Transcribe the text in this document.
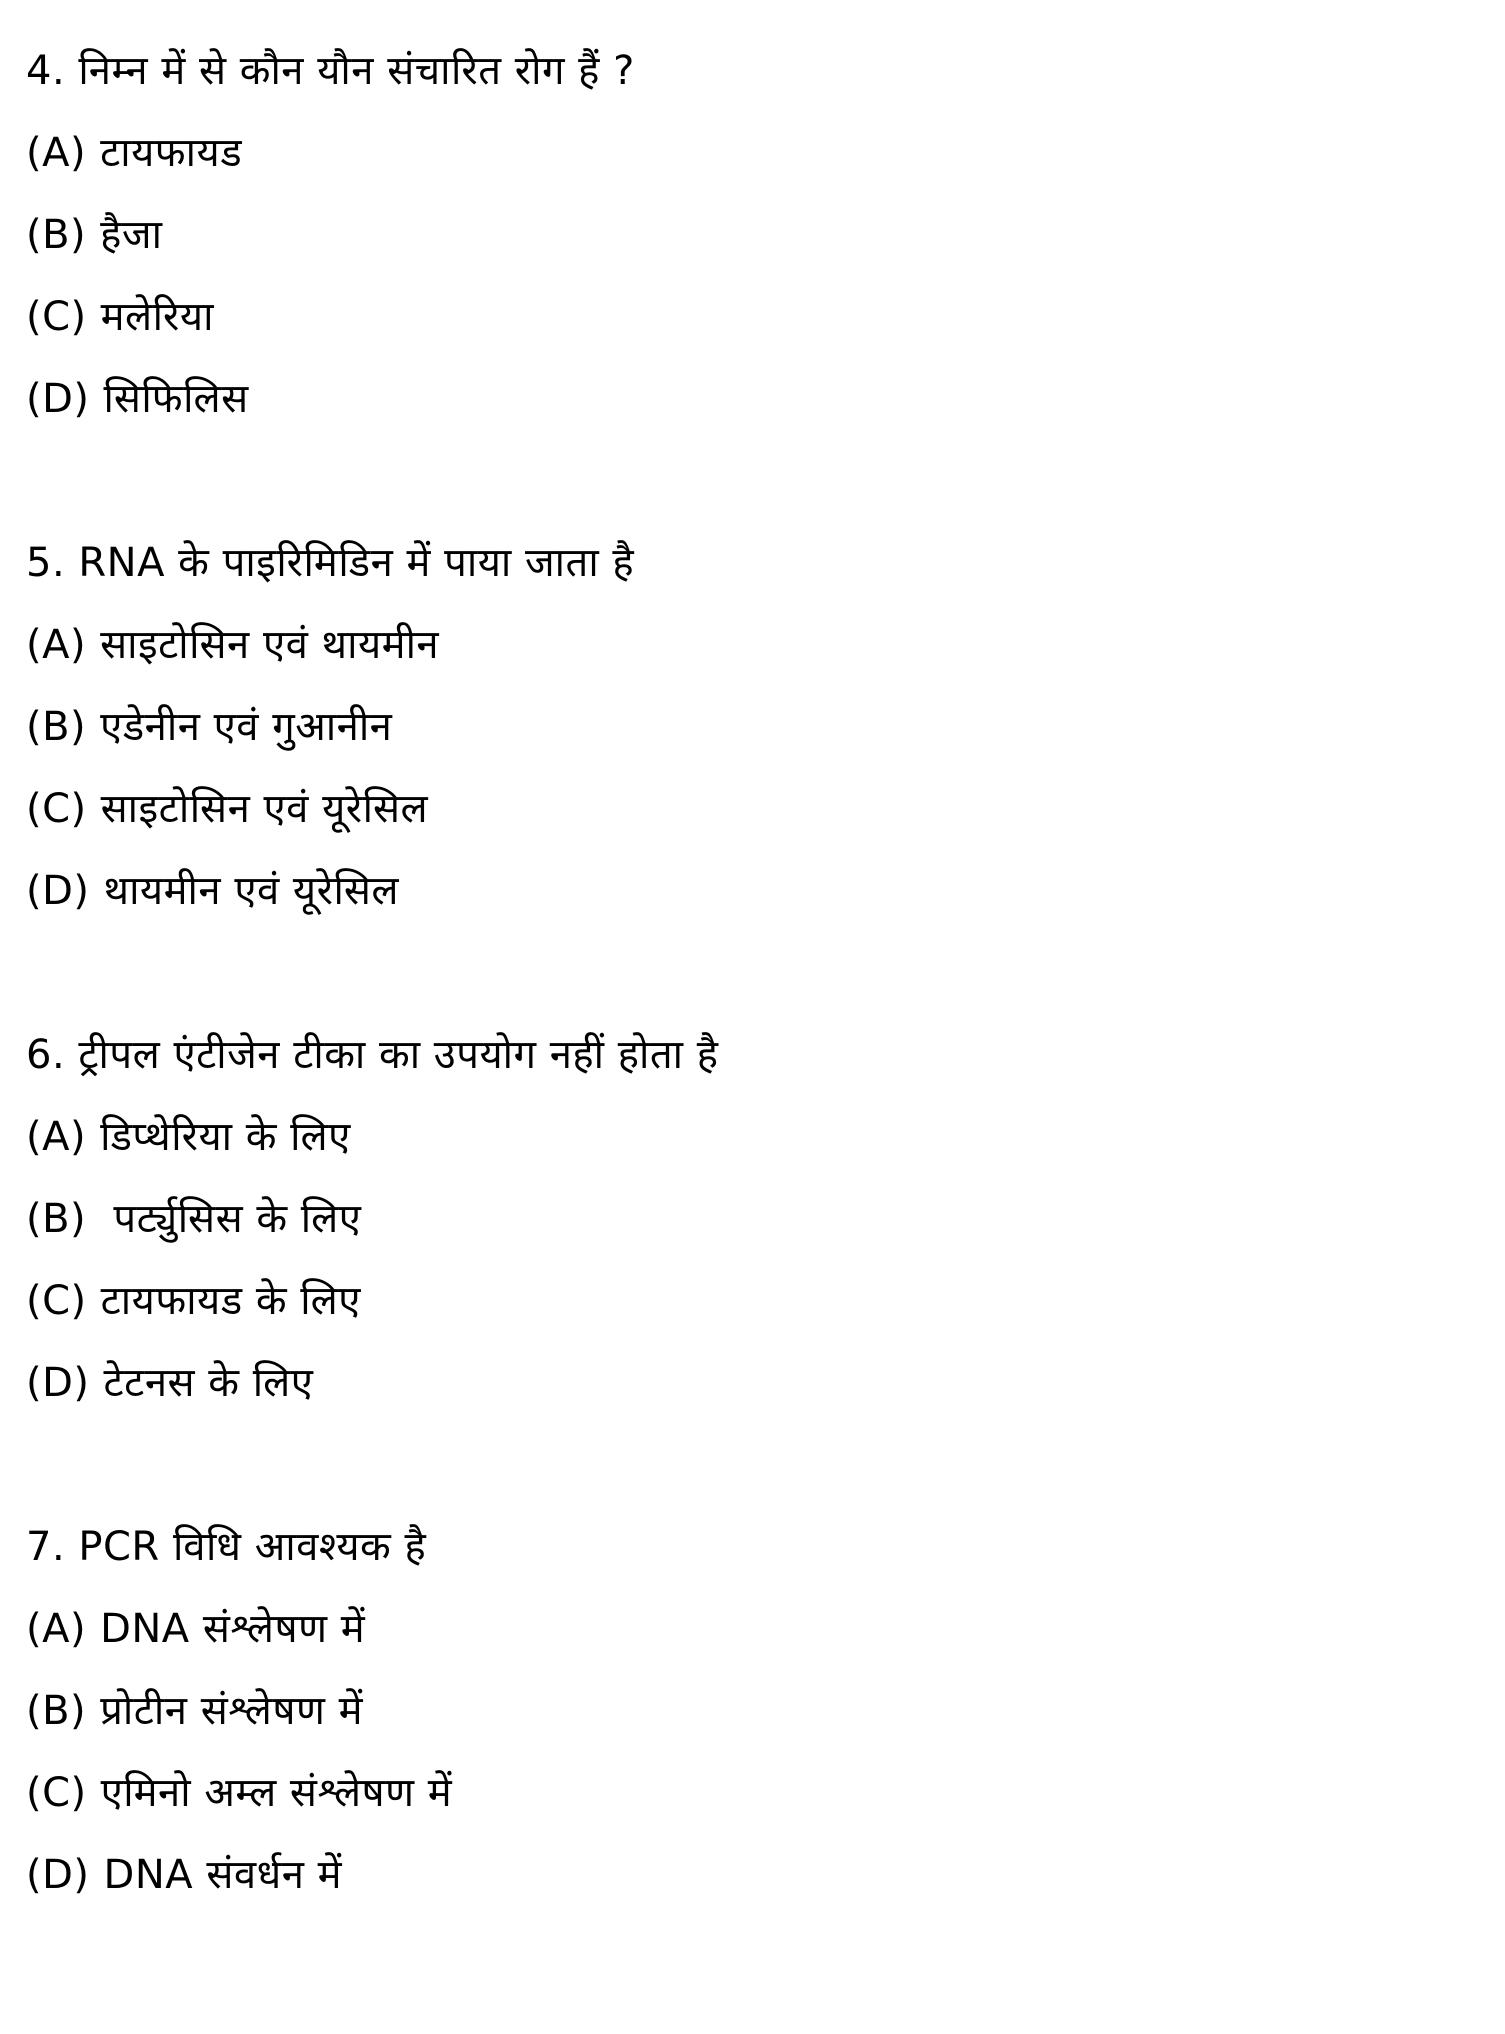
4. निम्न में से कौन यौन संचारित रोग हैं ?
(A) टायफायड
(B) हैजा
(C) मलेरिया
(D) सिफिलिस
5. RNA के पाइरिमिडिन में पाया जाता है
(A) साइटोसिन एवं थायमीन
(B) एडेनीन एवं गुआनीन
(C) साइटोसिन एवं यूरेसिल
(D) थायमीन एवं यूरेसिल
6. ट्रीपल एंटीजेन टीका का उपयोग नहीं होता है
(A) डिप्थेरिया के लिए
(B) पर्ट्युसिस के लिए
(C) टायफायड के लिए
(D) टेटनस के लिए
7. PCR विधि आवश्यक है
(A) DNA संश्लेषण में
(B) प्रोटीन संश्लेषण में
(C) एमिनो अम्ल संश्लेषण में
(D) DNA संवर्धन में
